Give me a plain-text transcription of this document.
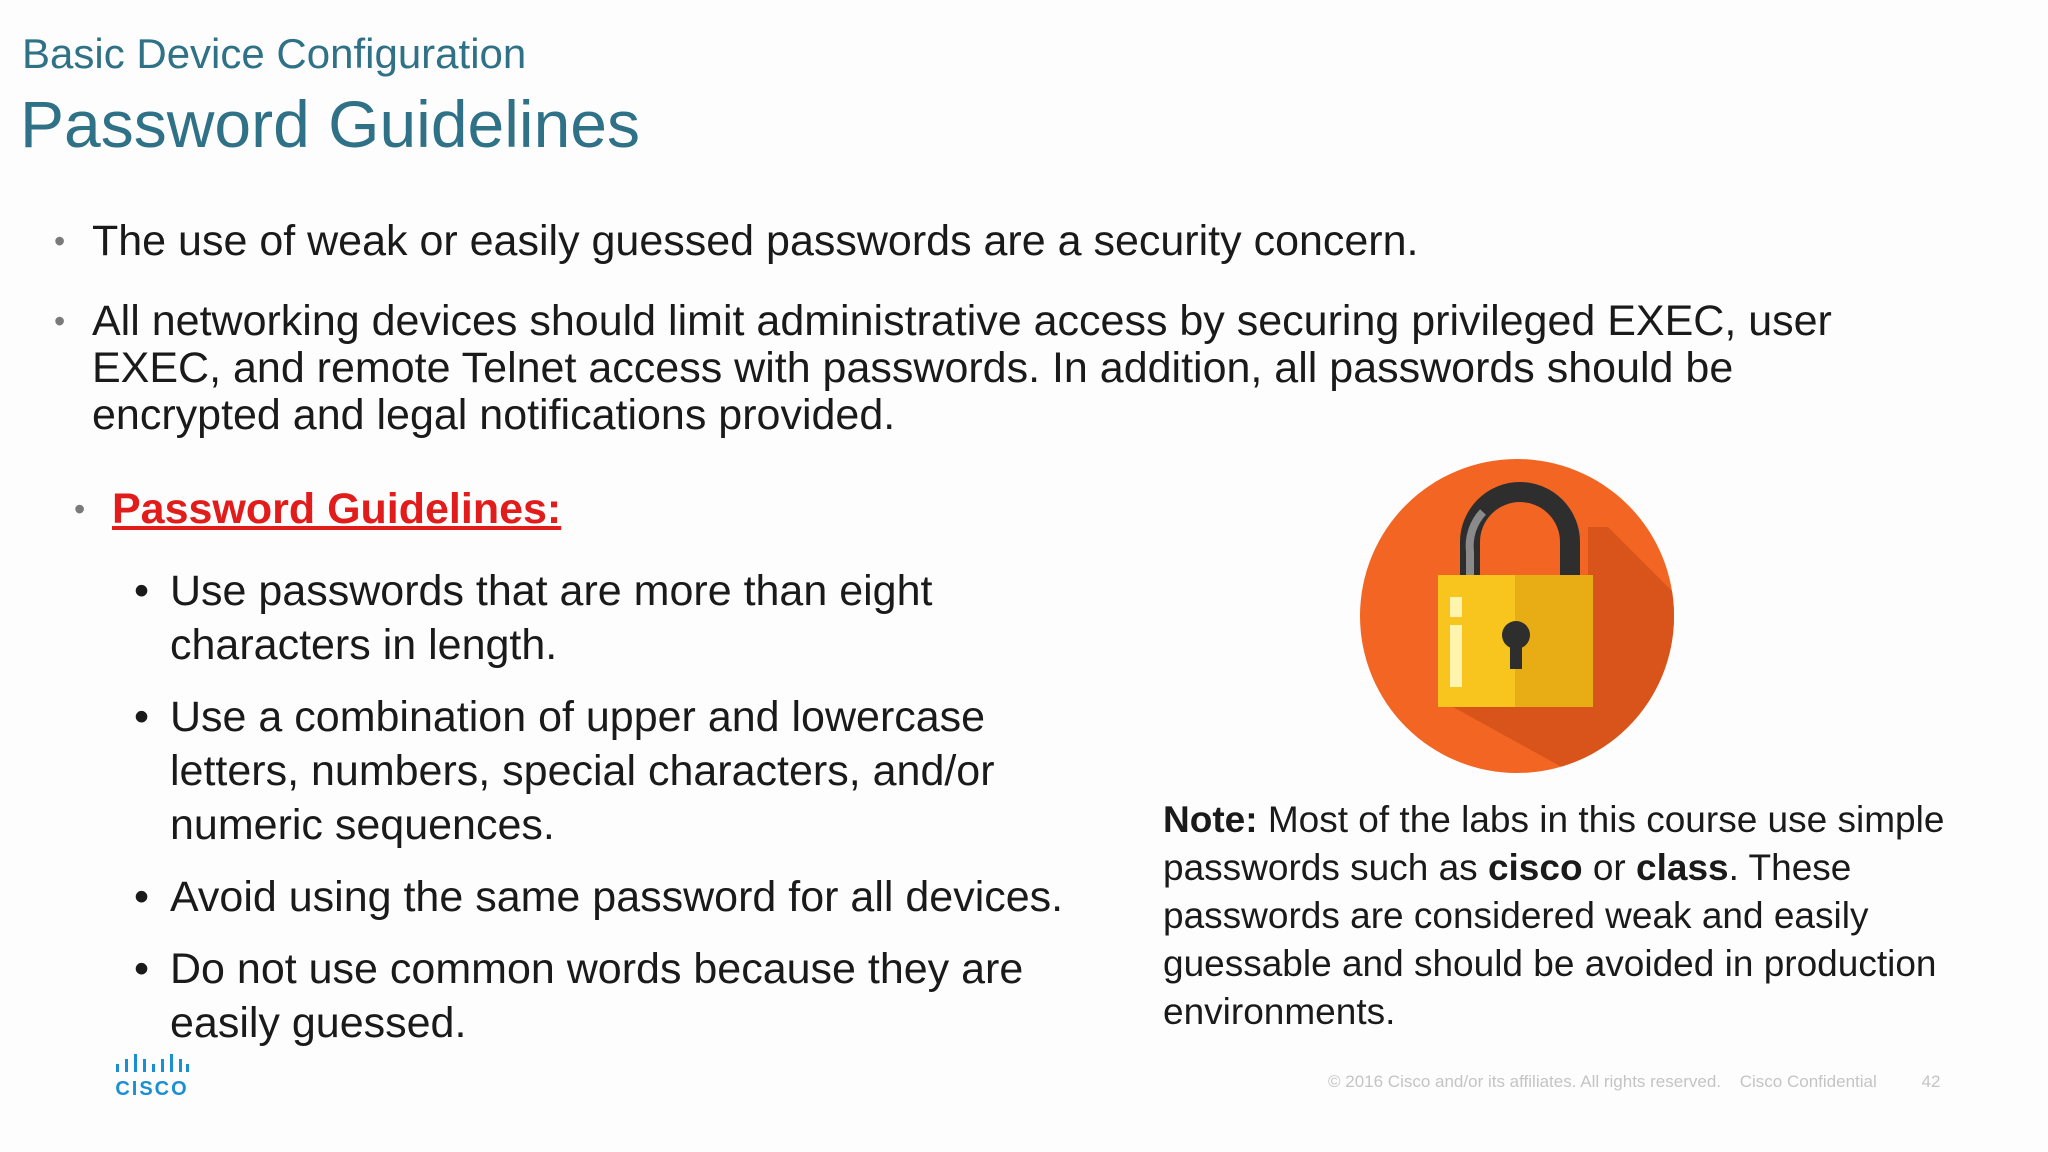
Basic Device Configuration
Password Guidelines
• The use of weak or easily guessed passwords are a security concern.
• All networking devices should limit administrative access by securing privileged EXEC, user EXEC, and remote Telnet access with passwords. In addition, all passwords should be encrypted and legal notifications provided.
• Password Guidelines:
• Use passwords that are more than eight characters in length.
• Use a combination of upper and lowercase letters, numbers, special characters, and/or numeric sequences.
• Avoid using the same password for all devices.
• Do not use common words because they are easily guessed.
Note: Most of the labs in this course use simple passwords such as cisco or class. These passwords are considered weak and easily guessable and should be avoided in production environments.
CISCO	© 2016 Cisco and/or its affiliates. All rights reserved. Cisco Confidential	42
